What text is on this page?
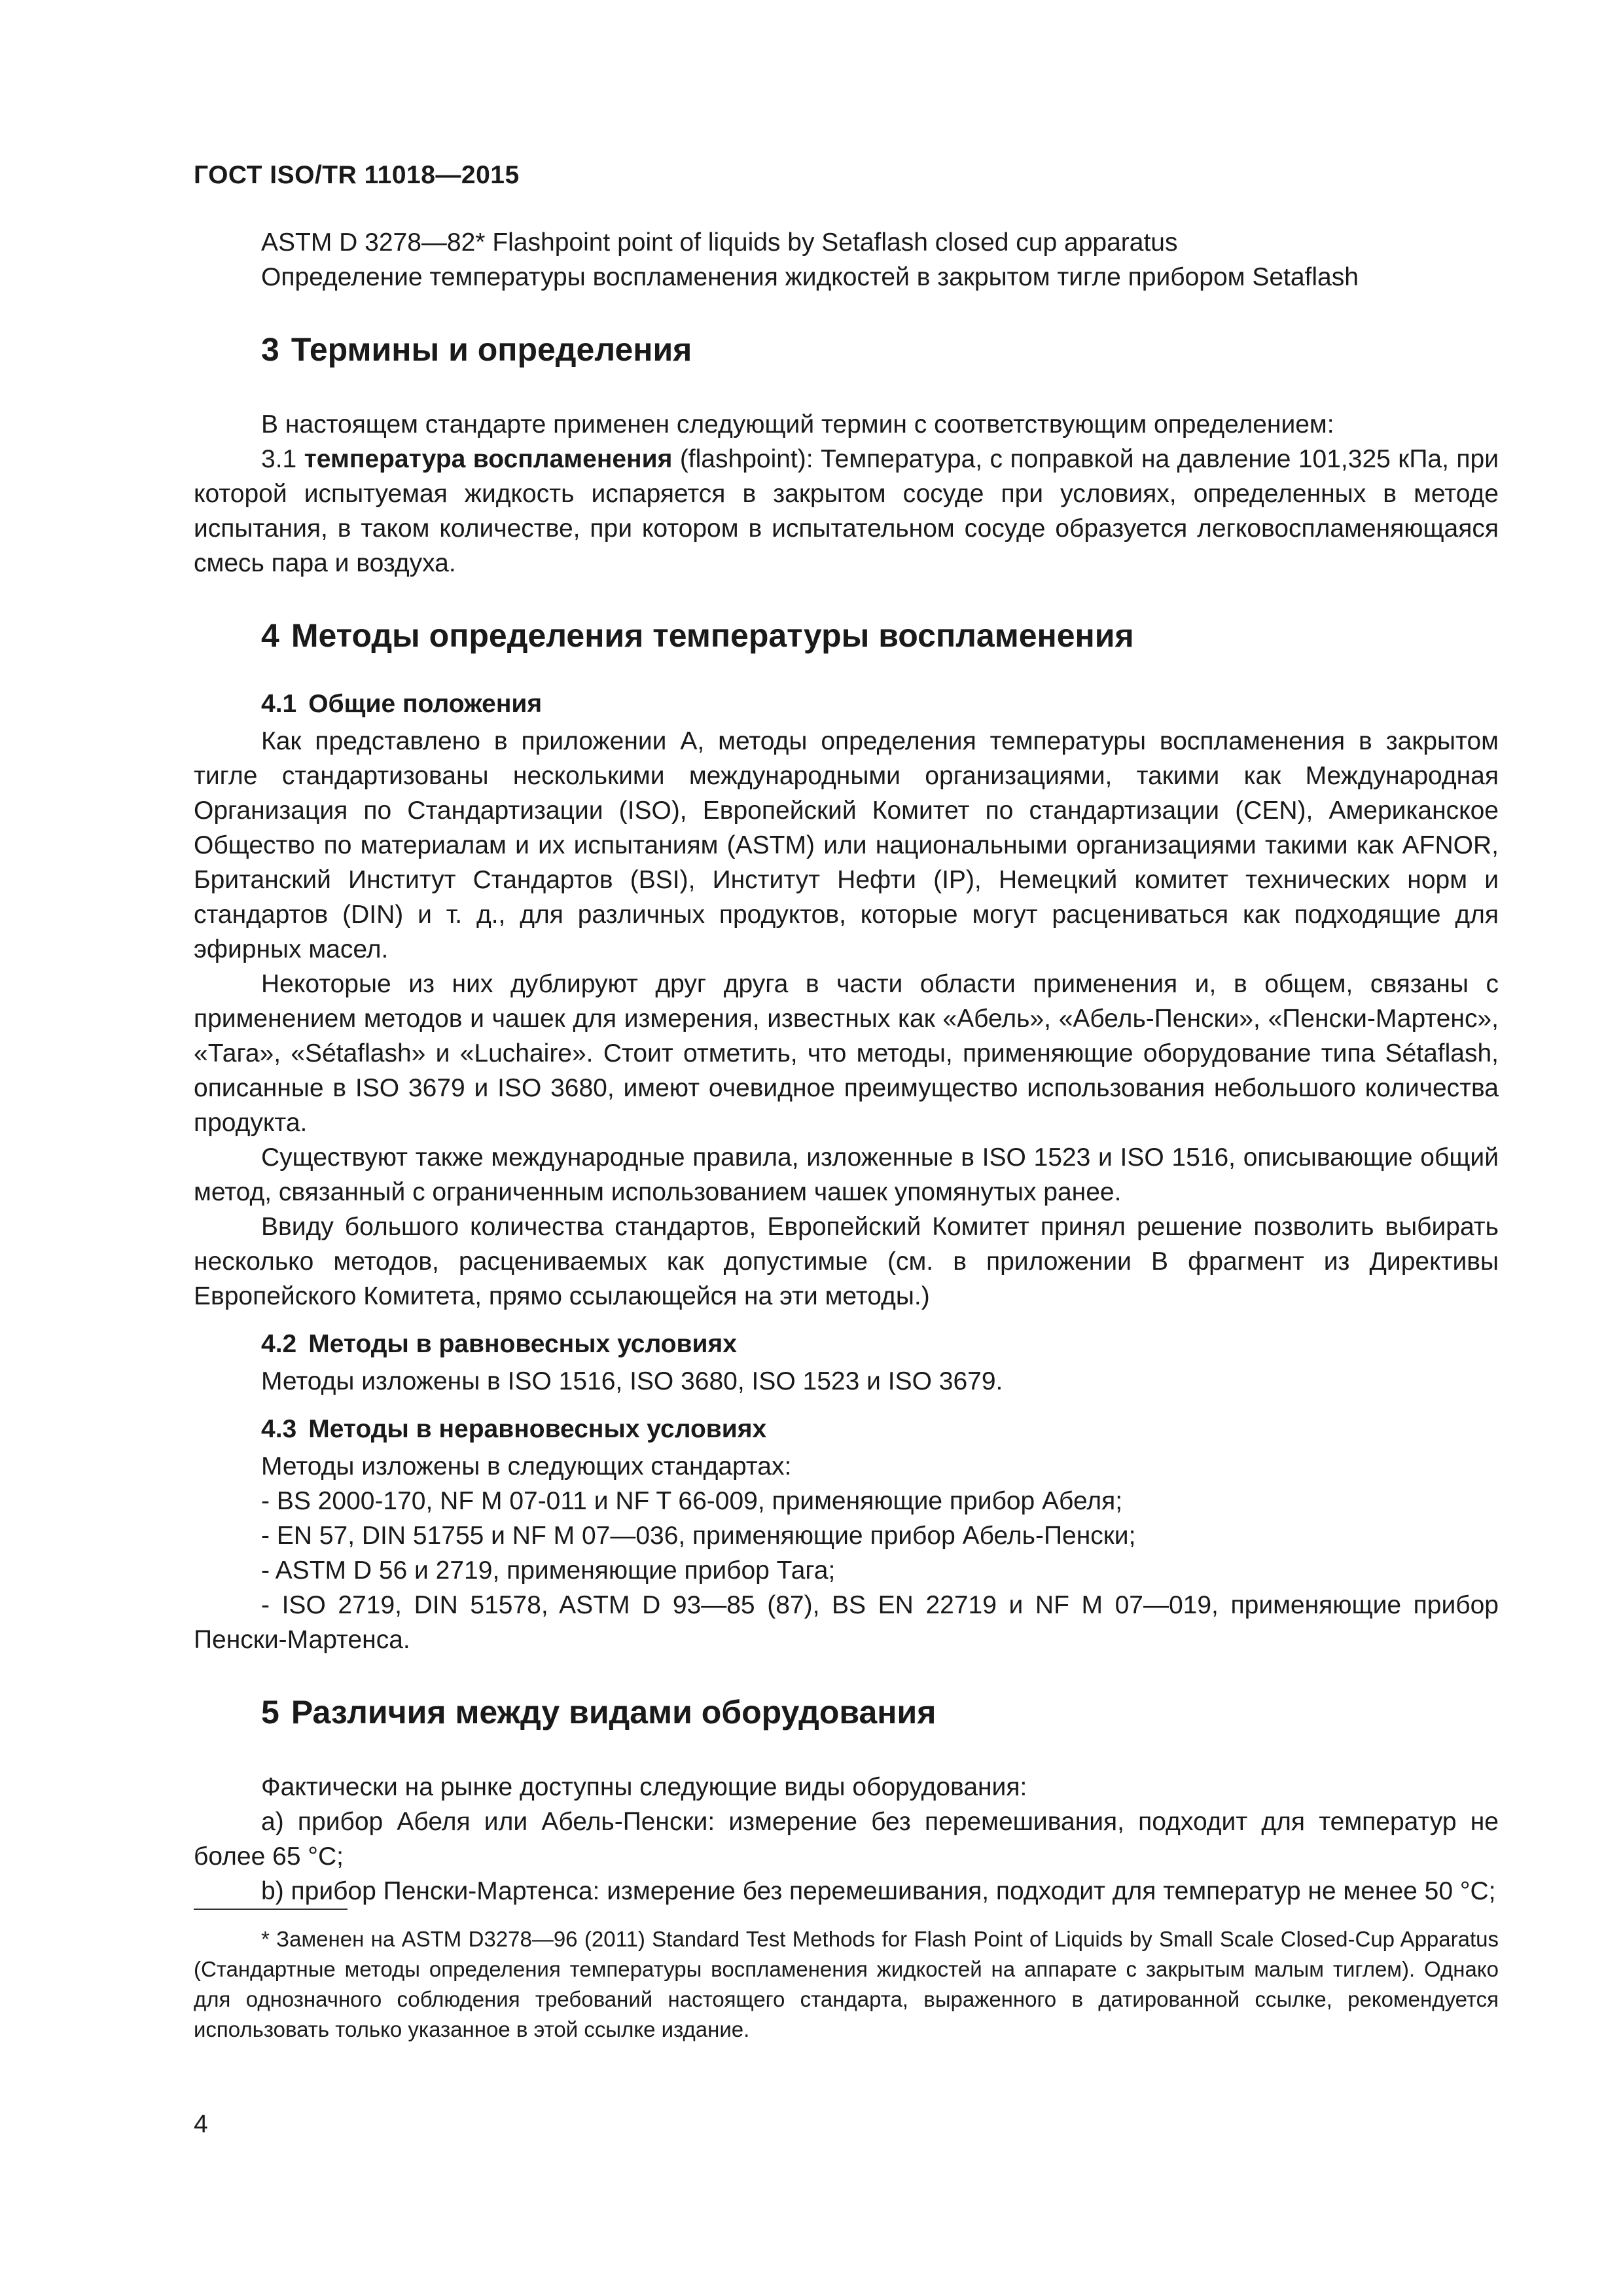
ГОСТ ISO/TR 11018—2015

ASTM D 3278—82* Flashpoint point of liquids by Setaflash closed cup apparatus

Определение температуры воспламенения жидкостей в закрытом тигле прибором Setaflash

3 Термины и определения

В настоящем стандарте применен следующий термин с соответствующим определением:

3.1 температура воспламенения (flashpoint): Температура, с поправкой на давление 101,325 кПа, при которой испытуемая жидкость испаряется в закрытом сосуде при условиях, определенных в методе испытания, в таком количестве, при котором в испытательном сосуде образуется легковоспламеняющаяся смесь пара и воздуха.

4 Методы определения температуры воспламенения
4.1 Общие положения

Как представлено в приложении А, методы определения температуры воспламенения в закрытом тигле стандартизованы несколькими международными организациями, такими как Международная Организация по Стандартизации (ISO), Европейский Комитет по стандартизации (CEN), Американское Общество по материалам и их испытаниям (ASTM) или национальными организациями такими как AFNOR, Британский Институт Стандартов (BSI), Институт Нефти (IP), Немецкий комитет технических норм и стандартов (DIN) и т. д., для различных продуктов, которые могут расцениваться как подходящие для эфирных масел.

Некоторые из них дублируют друг друга в части области применения и, в общем, связаны с применением методов и чашек для измерения, известных как «Абель», «Абель-Пенски», «Пенски-Мартенс», «Тага», «Sétaflash» и «Luchaire». Стоит отметить, что методы, применяющие оборудование типа Sétaflash, описанные в ISO 3679 и ISO 3680, имеют очевидное преимущество использования небольшого количества продукта.

Существуют также международные правила, изложенные в ISO 1523 и ISO 1516, описывающие общий метод, связанный с ограниченным использованием чашек упомянутых ранее.

Ввиду большого количества стандартов, Европейский Комитет принял решение позволить выбирать несколько методов, расцениваемых как допустимые (см. в приложении В фрагмент из Директивы Европейского Комитета, прямо ссылающейся на эти методы.)

4.2 Методы в равновесных условиях

Методы изложены в ISO 1516, ISO 3680, ISO 1523 и ISO 3679.

4.3 Методы в неравновесных условиях

Методы изложены в следующих стандартах:

- BS 2000-170, NF M 07-011 и NF T 66-009, применяющие прибор Абеля;

- EN 57, DIN 51755 и NF M 07—036, применяющие прибор Абель-Пенски;

- ASTM D 56 и 2719, применяющие прибор Тага;

- ISO 2719, DIN 51578, ASTM D 93—85 (87), BS EN 22719 и NF M 07—019, применяющие прибор Пенски-Мартенса.

5 Различия между видами оборудования

Фактически на рынке доступны следующие виды оборудования:

a) прибор Абеля или Абель-Пенски: измерение без перемешивания, подходит для температур не более 65 °С;

b) прибор Пенски-Мартенса: измерение без перемешивания, подходит для температур не менее 50 °С;

* Заменен на ASTM D3278—96 (2011) Standard Test Methods for Flash Point of Liquids by Small Scale Closed-Cup Apparatus (Стандартные методы определения температуры воспламенения жидкостей на аппарате с закрытым малым тиглем). Однако для однозначного соблюдения требований настоящего стандарта, выраженного в датированной ссылке, рекомендуется использовать только указанное в этой ссылке издание.

4
